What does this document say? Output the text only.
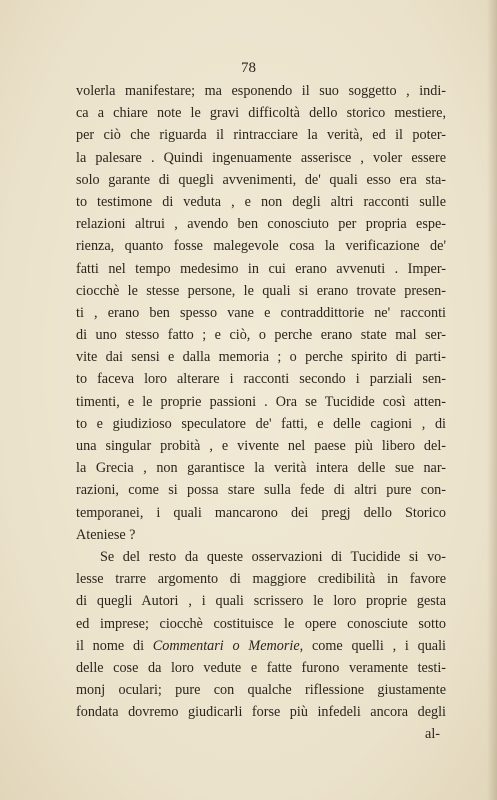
78
volerla manifestare; ma esponendo il suo soggetto , indi-
ca a chiare note le gravi difficoltà dello storico mestiere,
per ciò che riguarda il rintracciare la verità, ed il poter-
la palesare . Quindi ingenuamente asserisce , voler essere
solo garante di quegli avvenimenti, de' quali esso era sta-
to testimone di veduta , e non degli altri racconti sulle
relazioni altrui , avendo ben conosciuto per propria espe-
rienza, quanto fosse malegevole cosa la verificazione de'
fatti nel tempo medesimo in cui erano avvenuti . Imper-
ciocchè le stesse persone, le quali si erano trovate presen-
ti , erano ben spesso vane e contraddittorie ne' racconti
di uno stesso fatto ; e ciò, o perche erano state mal ser-
vite dai sensi e dalla memoria ; o perche spirito di parti-
to faceva loro alterare i racconti secondo i parziali sen-
timenti, e le proprie passioni . Ora se Tucidide così atten-
to e giudizioso speculatore de' fatti, e delle cagioni , di
una singular probità , e vivente nel paese più libero del-
la Grecia , non garantisce la verità intera delle sue nar-
razioni, come si possa stare sulla fede di altri pure con-
temporanei, i quali mancarono dei pregj dello Storico
Ateniese ?
Se del resto da queste osservazioni di Tucidide si vo-
lesse trarre argomento di maggiore credibilità in favore
di quegli Autori , i quali scrissero le loro proprie gesta
ed imprese; ciocchè costituisce le opere conosciute sotto
il nome di Commentari o Memorie, come quelli , i quali
delle cose da loro vedute e fatte furono veramente testi-
monj oculari; pure con qualche riflessione giustamente
fondata dovremo giudicarli forse più infedeli ancora degli
al-
